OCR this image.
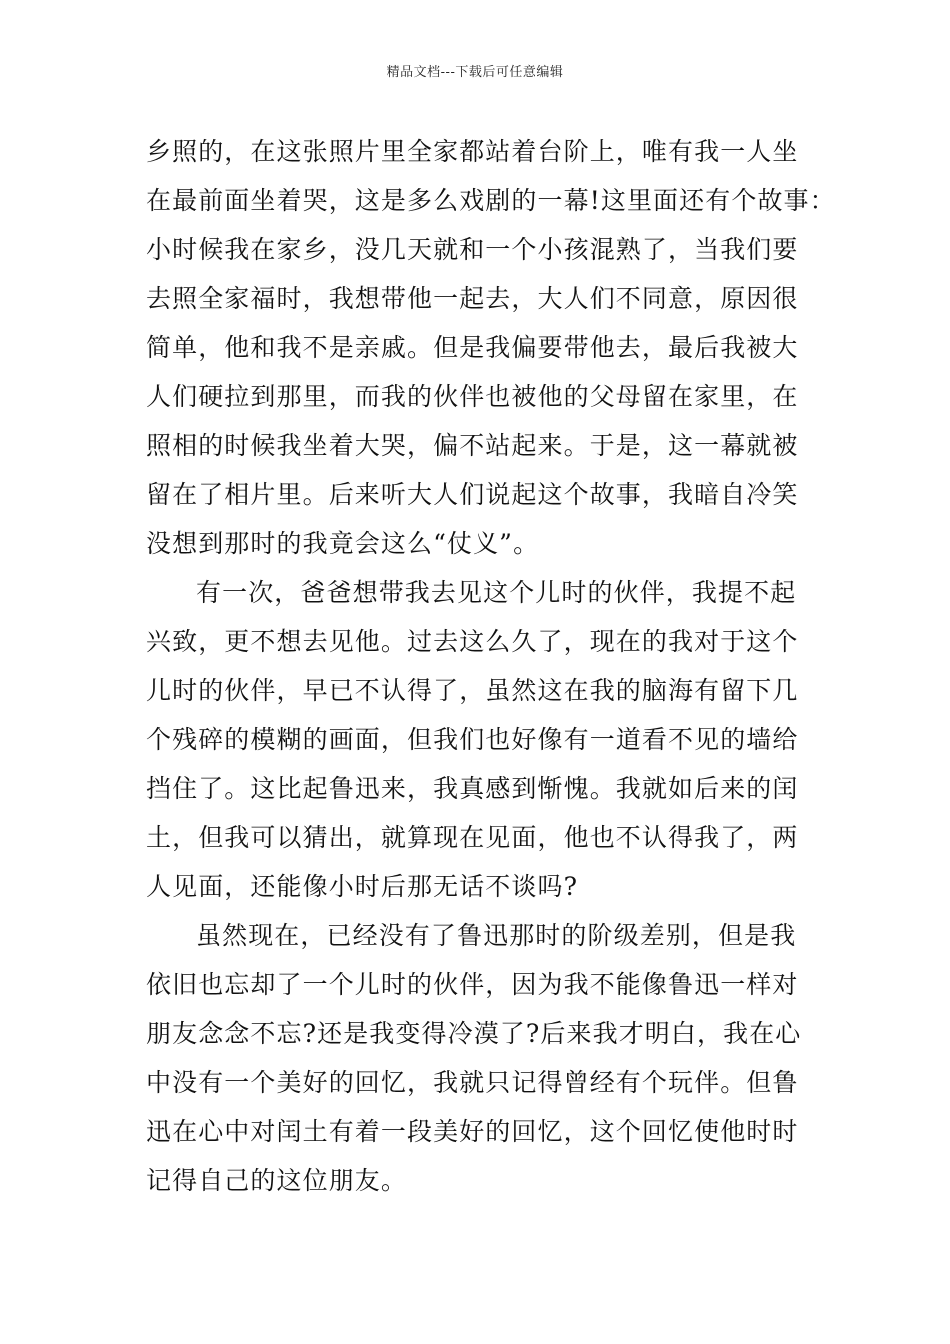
精品文档---下载后可任意编辑
乡照的，在这张照片里全家都站着台阶上，唯有我一人坐
在最前面坐着哭，这是多么戏剧的一幕!这里面还有个故事：
小时候我在家乡，没几天就和一个小孩混熟了，当我们要
去照全家福时，我想带他一起去，大人们不同意，原因很
简单，他和我不是亲戚。但是我偏要带他去，最后我被大
人们硬拉到那里，而我的伙伴也被他的父母留在家里，在
照相的时候我坐着大哭，偏不站起来。于是，这一幕就被
留在了相片里。后来听大人们说起这个故事，我暗自冷笑
没想到那时的我竟会这么“仗义”。
有一次，爸爸想带我去见这个儿时的伙伴，我提不起
兴致，更不想去见他。过去这么久了，现在的我对于这个
儿时的伙伴，早已不认得了，虽然这在我的脑海有留下几
个残碎的模糊的画面，但我们也好像有一道看不见的墙给
挡住了。这比起鲁迅来，我真感到惭愧。我就如后来的闰
土，但我可以猜出，就算现在见面，他也不认得我了，两
人见面，还能像小时后那无话不谈吗?
虽然现在，已经没有了鲁迅那时的阶级差别，但是我
依旧也忘却了一个儿时的伙伴，因为我不能像鲁迅一样对
朋友念念不忘?还是我变得冷漠了?后来我才明白，我在心
中没有一个美好的回忆，我就只记得曾经有个玩伴。但鲁
迅在心中对闰土有着一段美好的回忆，这个回忆使他时时
记得自己的这位朋友。
